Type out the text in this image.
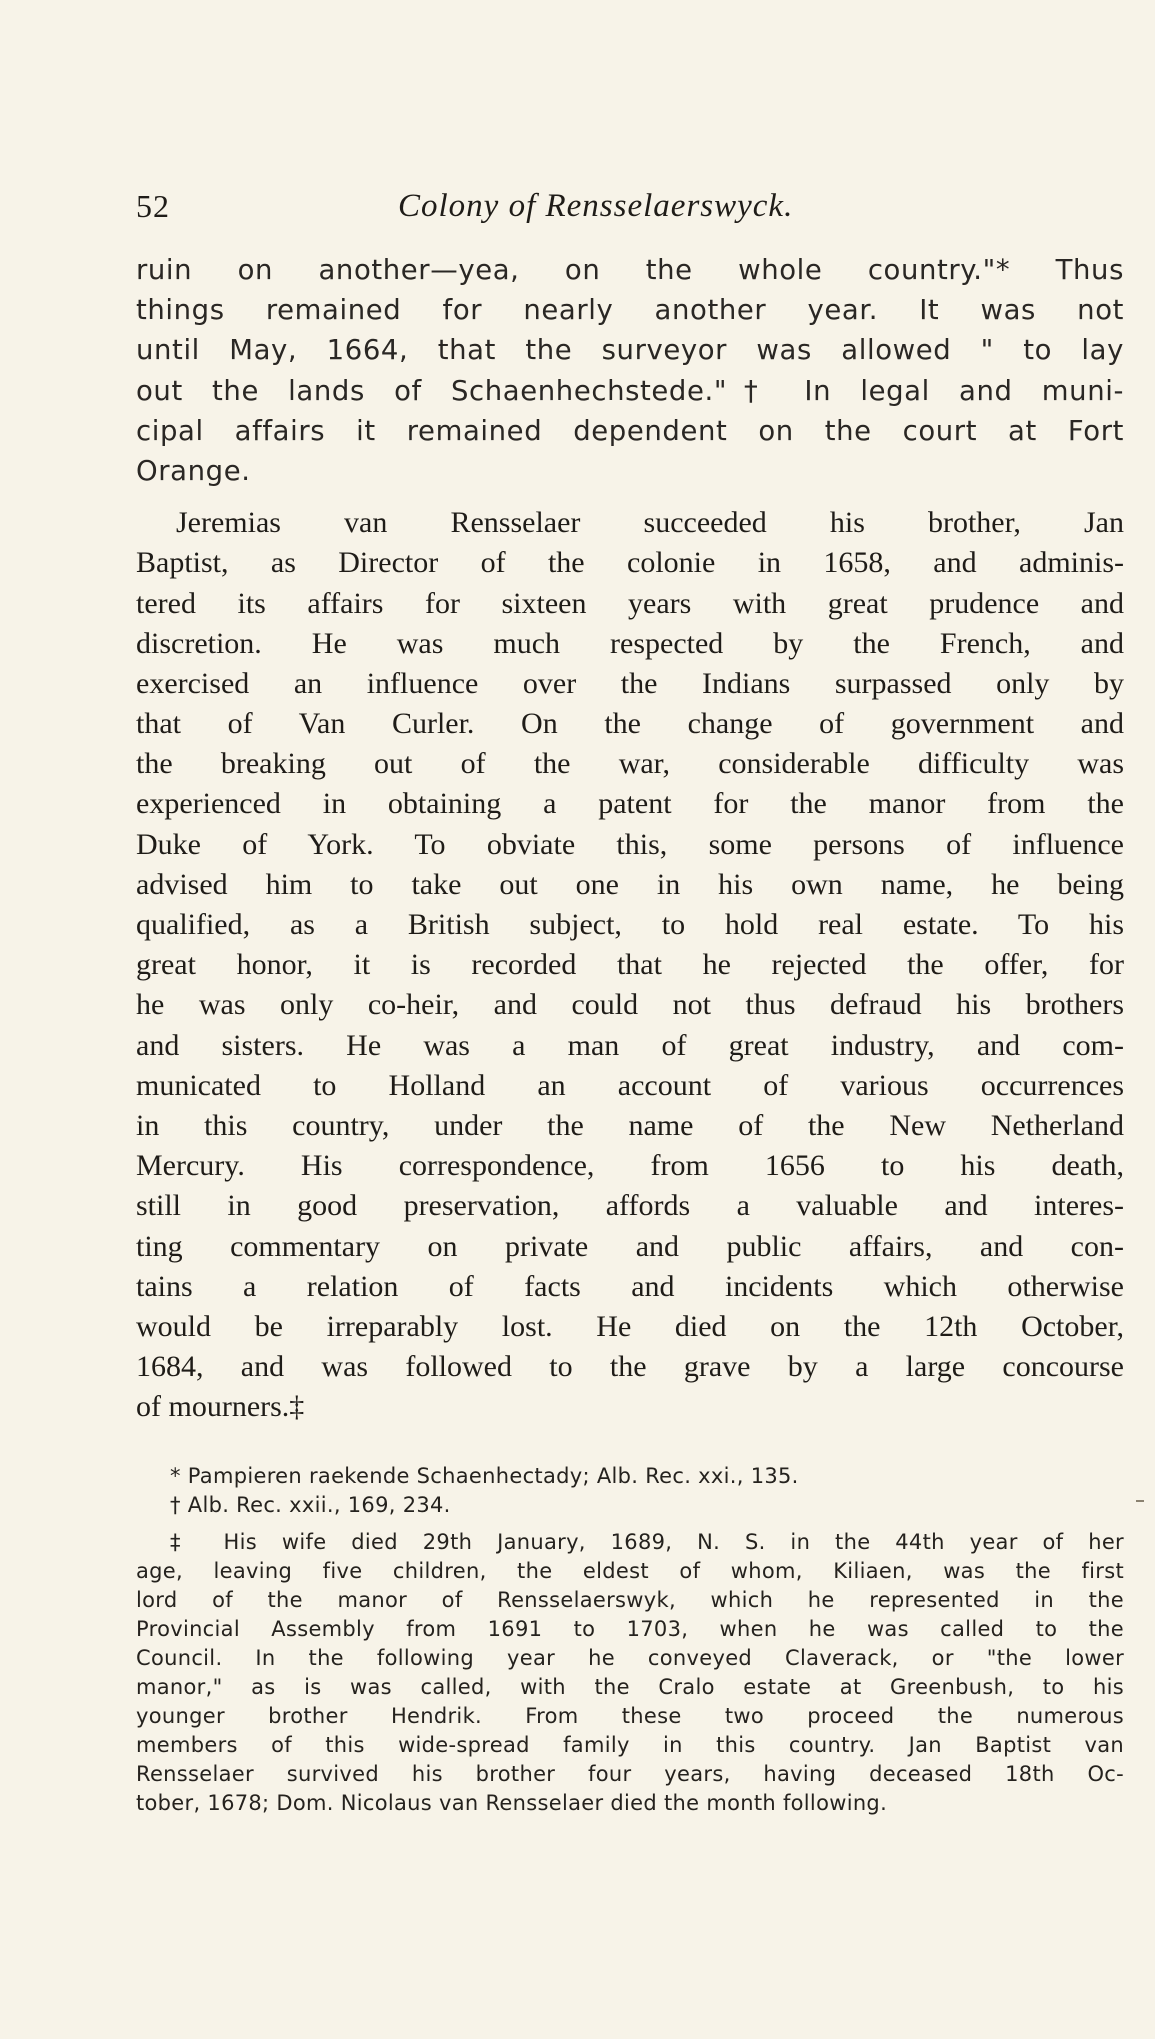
52	Colony of Rensselaerswyck.
ruin on another—yea, on the whole country."* Thus
things remained for nearly another year. It was not
until May, 1664, that the surveyor was allowed " to lay
out the lands of Schaenhechstede."† In legal and muni-
cipal affairs it remained dependent on the court at Fort
Orange.
Jeremias van Rensselaer succeeded his brother, Jan
Baptist, as Director of the colonie in 1658, and adminis-
tered its affairs for sixteen years with great prudence and
discretion. He was much respected by the French, and
exercised an influence over the Indians surpassed only by
that of Van Curler. On the change of government and
the breaking out of the war, considerable difficulty was
experienced in obtaining a patent for the manor from the
Duke of York. To obviate this, some persons of influence
advised him to take out one in his own name, he being
qualified, as a British subject, to hold real estate. To his
great honor, it is recorded that he rejected the offer, for
he was only co-heir, and could not thus defraud his brothers
and sisters. He was a man of great industry, and com-
municated to Holland an account of various occurrences
in this country, under the name of the New Netherland
Mercury. His correspondence, from 1656 to his death,
still in good preservation, affords a valuable and interes-
ting commentary on private and public affairs, and con-
tains a relation of facts and incidents which otherwise
would be irreparably lost. He died on the 12th October,
1684, and was followed to the grave by a large concourse
of mourners.‡
* Pampieren raekende Schaenhectady; Alb. Rec. xxi., 135.
† Alb. Rec. xxii., 169, 234.
‡ His wife died 29th January, 1689, N. S. in the 44th year of her
age, leaving five children, the eldest of whom, Kiliaen, was the first
lord of the manor of Rensselaerswyk, which he represented in the
Provincial Assembly from 1691 to 1703, when he was called to the
Council. In the following year he conveyed Claverack, or "the lower
manor," as is was called, with the Cralo estate at Greenbush, to his
younger brother Hendrik. From these two proceed the numerous
members of this wide-spread family in this country. Jan Baptist van
Rensselaer survived his brother four years, having deceased 18th Oc-
tober, 1678; Dom. Nicolaus van Rensselaer died the month following.
